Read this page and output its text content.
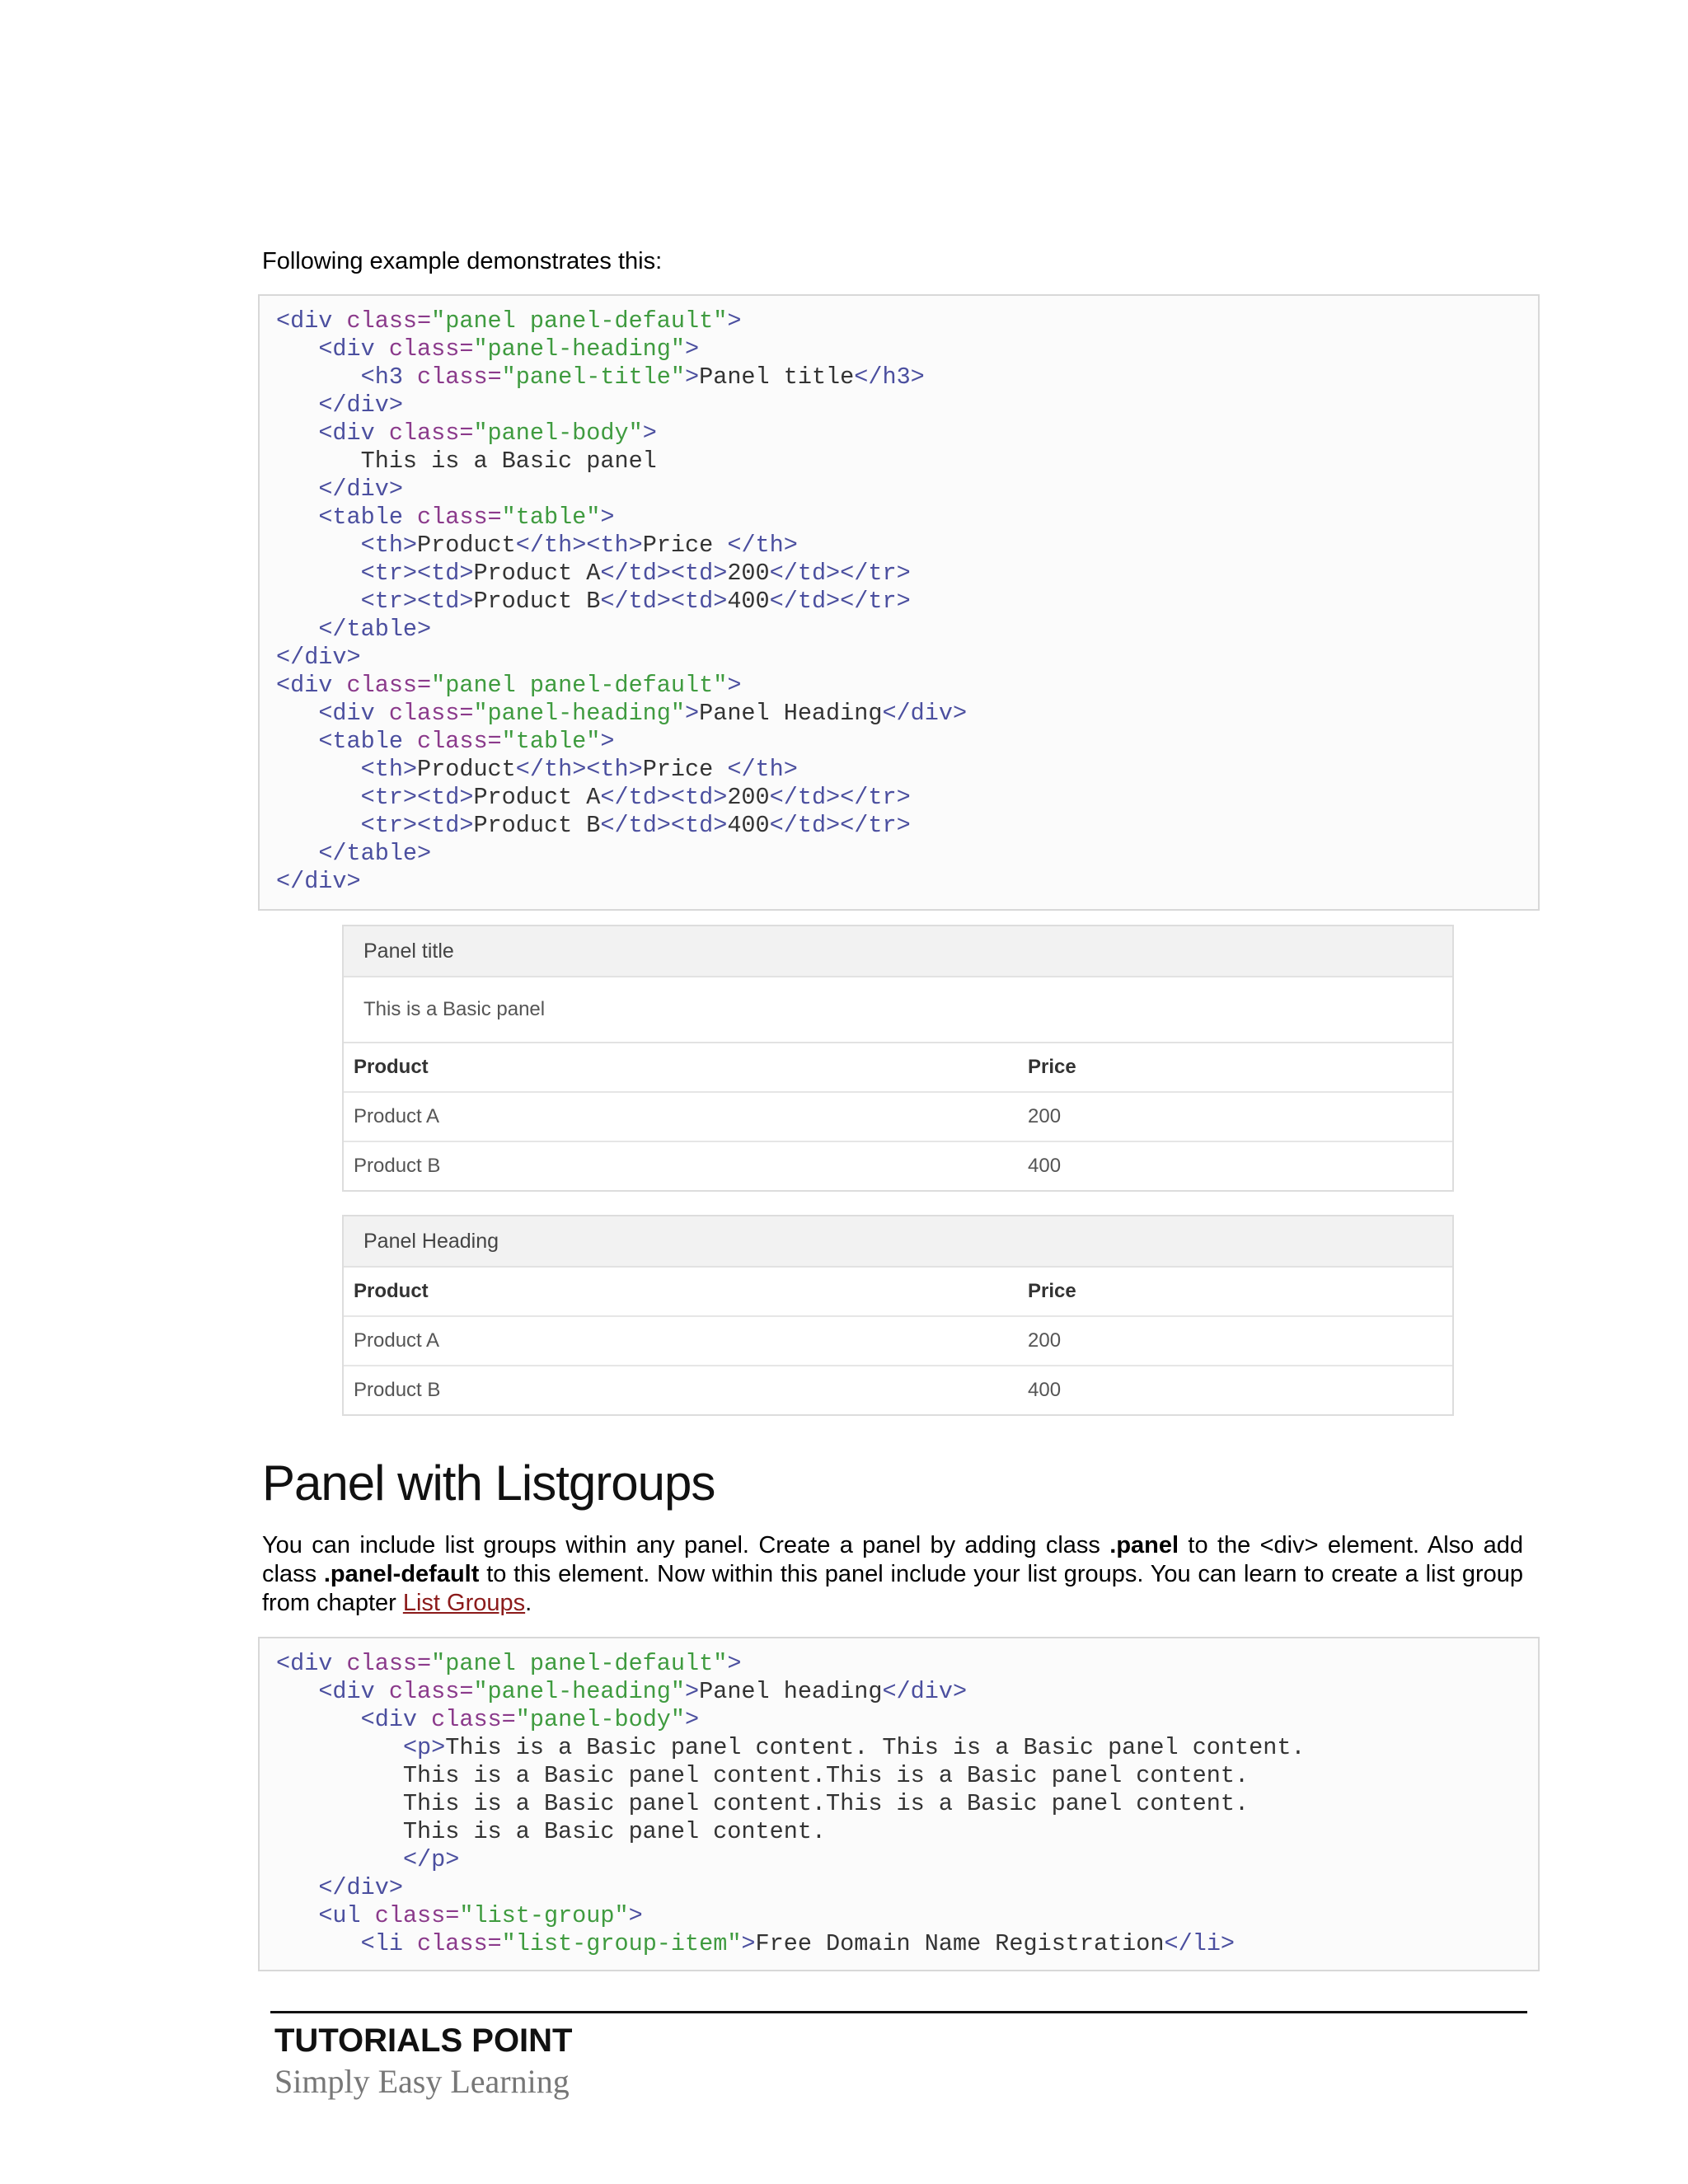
Following example demonstrates this:
<div class="panel panel-default">
<div class="panel-heading">
<h3 class="panel-title">Panel title</h3>
</div>
<div class="panel-body">
This is a Basic panel
</div>
<table class="table">
<th>Product</th><th>Price </th>
<tr><td>Product A</td><td>200</td></tr>
<tr><td>Product B</td><td>400</td></tr>
</table>
</div>
<div class="panel panel-default">
<div class="panel-heading">Panel Heading</div>
<table class="table">
<th>Product</th><th>Price </th>
<tr><td>Product A</td><td>200</td></tr>
<tr><td>Product B</td><td>400</td></tr>
</table>
</div>
Panel title
This is a Basic panel
Product	Price
Product A	200
Product B	400
Panel Heading
Product	Price
Product A	200
Product B	400
Panel with Listgroups
You can include list groups within any panel. Create a panel by adding class .panel to the <div> element. Also add class .panel-default to this element. Now within this panel include your list groups. You can learn to create a list group from chapter List Groups.
<div class="panel panel-default">
<div class="panel-heading">Panel heading</div>
<div class="panel-body">
<p>This is a Basic panel content. This is a Basic panel content.
This is a Basic panel content.This is a Basic panel content.
This is a Basic panel content.This is a Basic panel content.
This is a Basic panel content.
</p>
</div>
<ul class="list-group">
<li class="list-group-item">Free Domain Name Registration</li>
TUTORIALS POINT
Simply Easy Learning
